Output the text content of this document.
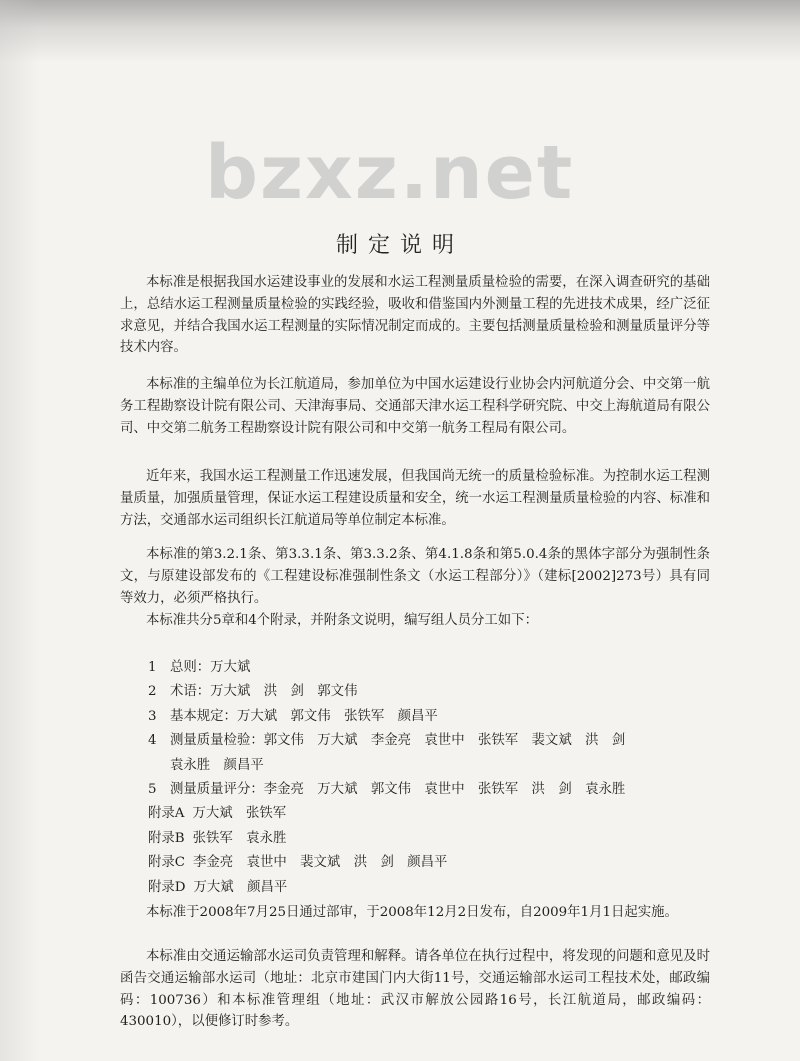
bzxz.net
制定说明

本标准是根据我国水运建设事业的发展和水运工程测量质量检验的需要，在深入调查研究的基础上，总结水运工程测量质量检验的实践经验，吸收和借鉴国内外测量工程的先进技术成果，经广泛征求意见，并结合我国水运工程测量的实际情况制定而成的。主要包括测量质量检验和测量质量评分等技术内容。

本标准的主编单位为长江航道局，参加单位为中国水运建设行业协会内河航道分会、中交第一航务工程勘察设计院有限公司、天津海事局、交通部天津水运工程科学研究院、中交上海航道局有限公司、中交第二航务工程勘察设计院有限公司和中交第一航务工程局有限公司。

近年来，我国水运工程测量工作迅速发展，但我国尚无统一的质量检验标准。为控制水运工程测量质量，加强质量管理，保证水运工程建设质量和安全，统一水运工程测量质量检验的内容、标准和方法，交通部水运司组织长江航道局等单位制定本标准。

本标准的第3.2.1条、第3.3.1条、第3.3.2条、第4.1.8条和第5.0.4条的黑体字部分为强制性条文，与原建设部发布的《工程建设标准强制性条文（水运工程部分）》（建标[2002]273号）具有同等效力，必须严格执行。

本标准共分5章和4个附录，并附条文说明，编写组人员分工如下：

1 总则：万大斌
2 术语：万大斌　洪　剑　郭文伟
3 基本规定：万大斌　郭文伟　张铁军　颜昌平
4 测量质量检验：郭文伟　万大斌　李金亮　袁世中　张铁军　裴文斌　洪　剑
袁永胜　颜昌平
5 测量质量评分：李金亮　万大斌　郭文伟　袁世中　张铁军　洪　剑　袁永胜
附录A 万大斌　张铁军
附录B 张铁军　袁永胜
附录C 李金亮　袁世中　裴文斌　洪　剑　颜昌平
附录D 万大斌　颜昌平

本标准于2008年7月25日通过部审，于2008年12月2日发布，自2009年1月1日起实施。

本标准由交通运输部水运司负责管理和解释。请各单位在执行过程中，将发现的问题和意见及时函告交通运输部水运司（地址：北京市建国门内大街11号，交通运输部水运司工程技术处，邮政编码：100736）和本标准管理组（地址：武汉市解放公园路16号，长江航道局，邮政编码：430010），以便修订时参考。
